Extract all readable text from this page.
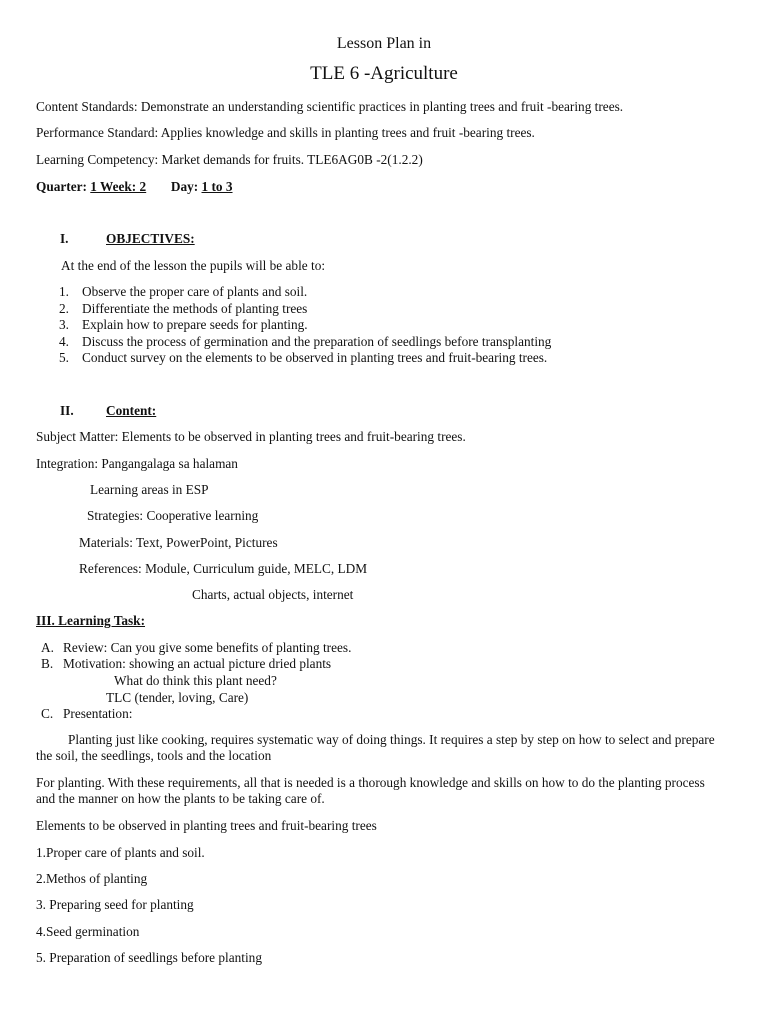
Lesson Plan in
TLE 6 -Agriculture
Content Standards: Demonstrate an understanding scientific practices in planting trees and fruit -bearing trees.
Performance Standard: Applies knowledge and skills in planting trees and fruit -bearing trees.
Learning Competency: Market demands for fruits. TLE6AG0B -2(1.2.2)
Quarter: 1 Week: 2 Day: 1 to 3
I.	OBJECTIVES:
At the end of the lesson the pupils will be able to:
1. Observe the proper care of plants and soil.
2. Differentiate the methods of planting trees
3. Explain how to prepare seeds for planting.
4. Discuss the process of germination and the preparation of seedlings before transplanting
5. Conduct survey on the elements to be observed in planting trees and fruit-bearing trees.
II. Content:
Subject Matter: Elements to be observed in planting trees and fruit-bearing trees.
Integration: Pangangalaga sa halaman
Learning areas in ESP
Strategies: Cooperative learning
Materials: Text, PowerPoint, Pictures
References: Module, Curriculum guide, MELC, LDM
Charts, actual objects, internet
III. Learning Task:
A. Review: Can you give some benefits of planting trees.
B. Motivation: showing an actual picture dried plants
What do think this plant need?
TLC (tender, loving, Care)
C. Presentation:
Planting just like cooking, requires systematic way of doing things. It requires a step by step on how to select and prepare the soil, the seedlings, tools and the location
For planting. With these requirements, all that is needed is a thorough knowledge and skills on how to do the planting process and the manner on how the plants to be taking care of.
Elements to be observed in planting trees and fruit-bearing trees
1.Proper care of plants and soil.
2.Methos of planting
3. Preparing seed for planting
4.Seed germination
5. Preparation of seedlings before planting
